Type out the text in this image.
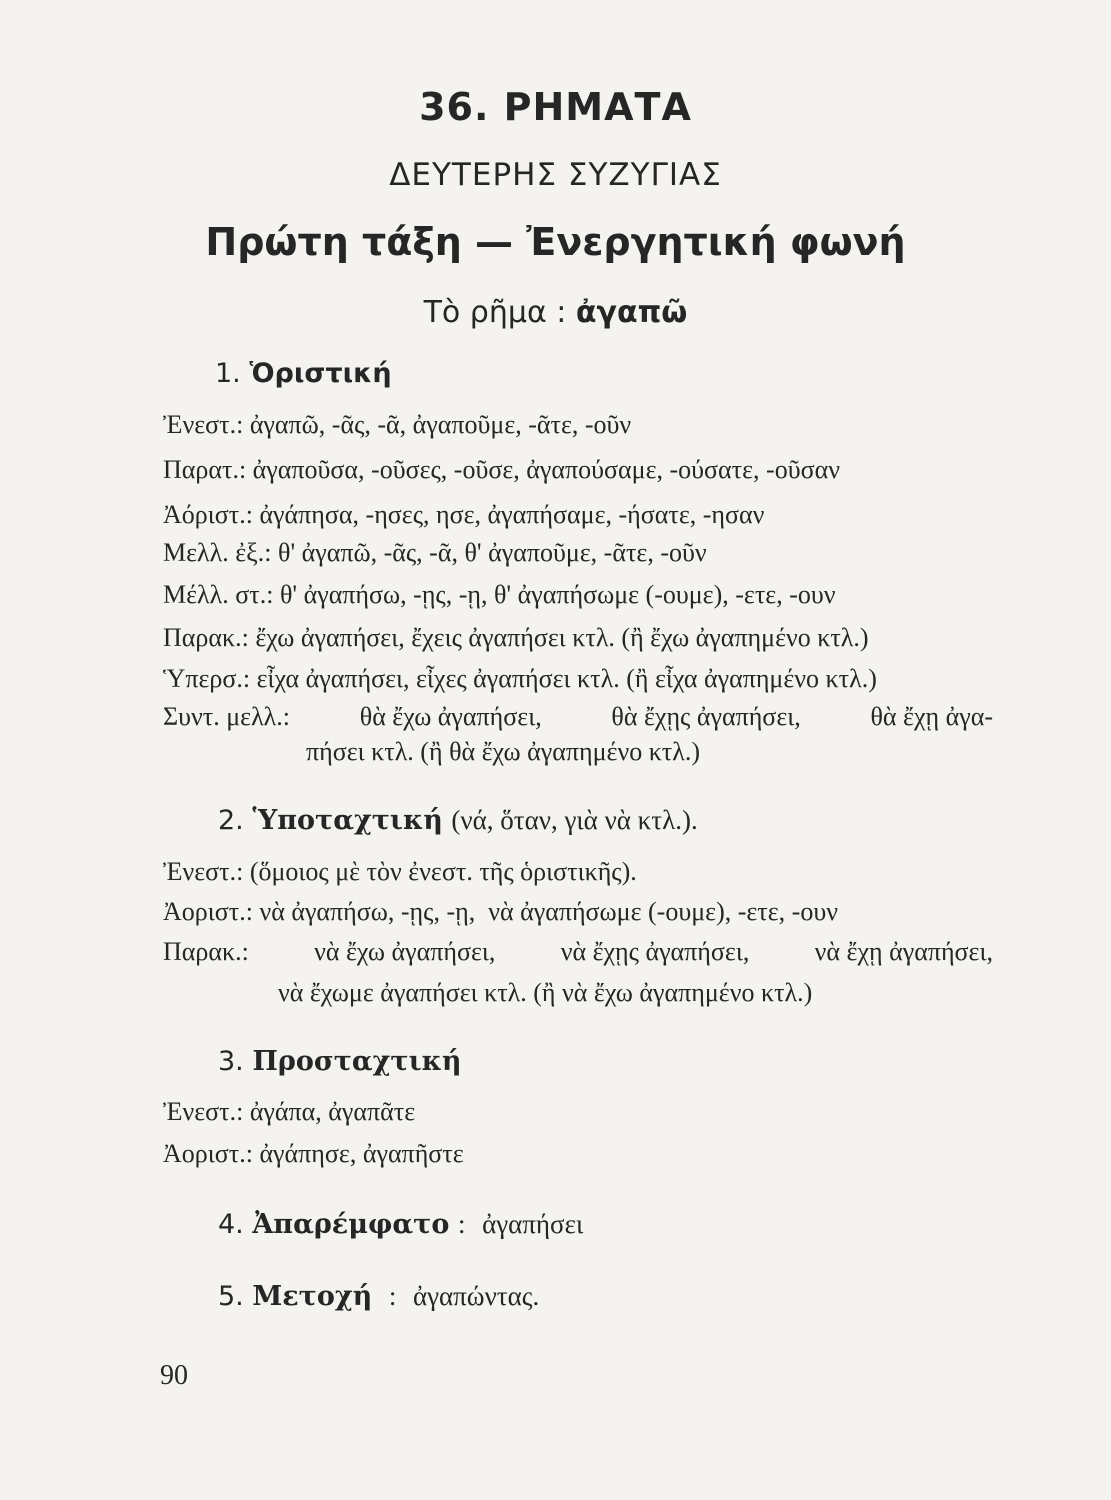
36. ΡΗΜΑΤΑ
ΔΕΥΤΕΡΗΣ ΣΥΖΥΓΙΑΣ
Πρώτη τάξη — Ἐνεργητική φωνή
Τὸ ρῆμα : ἀγαπῶ
1. Ὁριστική
Ἐνεστ.: ἀγαπῶ, -ᾶς, -ᾶ, ἀγαποῦμε, -ᾶτε, -οῦν
Παρατ.: ἀγαποῦσα, -οῦσες, -οῦσε, ἀγαπούσαμε, -ούσατε, -οῦσαν
Ἀόριστ.: ἀγάπησα, -ησες, ησε, ἀγαπήσαμε, -ήσατε, -ησαν
Μελλ. ἐξ.: θ' ἀγαπῶ, -ᾶς, -ᾶ, θ' ἀγαποῦμε, -ᾶτε, -οῦν
Μέλλ. στ.: θ' ἀγαπήσω, -ῃς, -ῃ, θ' ἀγαπήσωμε (-ουμε), -ετε, -ουν
Παρακ.: ἔχω ἀγαπήσει, ἔχεις ἀγαπήσει κτλ. (ἢ ἔχω ἀγαπημένο κτλ.)
Ὑπερσ.: εἶχα ἀγαπήσει, εἶχες ἀγαπήσει κτλ. (ἢ εἶχα ἀγαπημένο κτλ.)
Συντ. μελλ.:	θὰ ἔχω ἀγαπήσει,	θὰ ἔχῃς ἀγαπήσει,	θὰ ἔχῃ ἀγα-
πήσει κτλ. (ἢ θὰ ἔχω ἀγαπημένο κτλ.)
2. Ὑποταχτική (νά, ὅταν, γιὰ νὰ κτλ.).
Ἐνεστ.: (ὅμοιος μὲ τὸν ἐνεστ. τῆς ὁριστικῆς).
Ἀοριστ.: νὰ ἀγαπήσω, -ῃς, -ῃ,  νὰ ἀγαπήσωμε (-ουμε), -ετε, -ουν
Παρακ.:	νὰ ἔχω ἀγαπήσει,	νὰ ἔχῃς ἀγαπήσει,	νὰ ἔχῃ ἀγαπήσει,
νὰ ἔχωμε ἀγαπήσει κτλ. (ἢ νὰ ἔχω ἀγαπημένο κτλ.)
3. Προσταχτική
Ἐνεστ.: ἀγάπα, ἀγαπᾶτε
Ἀοριστ.: ἀγάπησε, ἀγαπῆστε
4. Ἀπαρέμφατο : ἀγαπήσει
5. Μετοχή : ἀγαπώντας.
90
